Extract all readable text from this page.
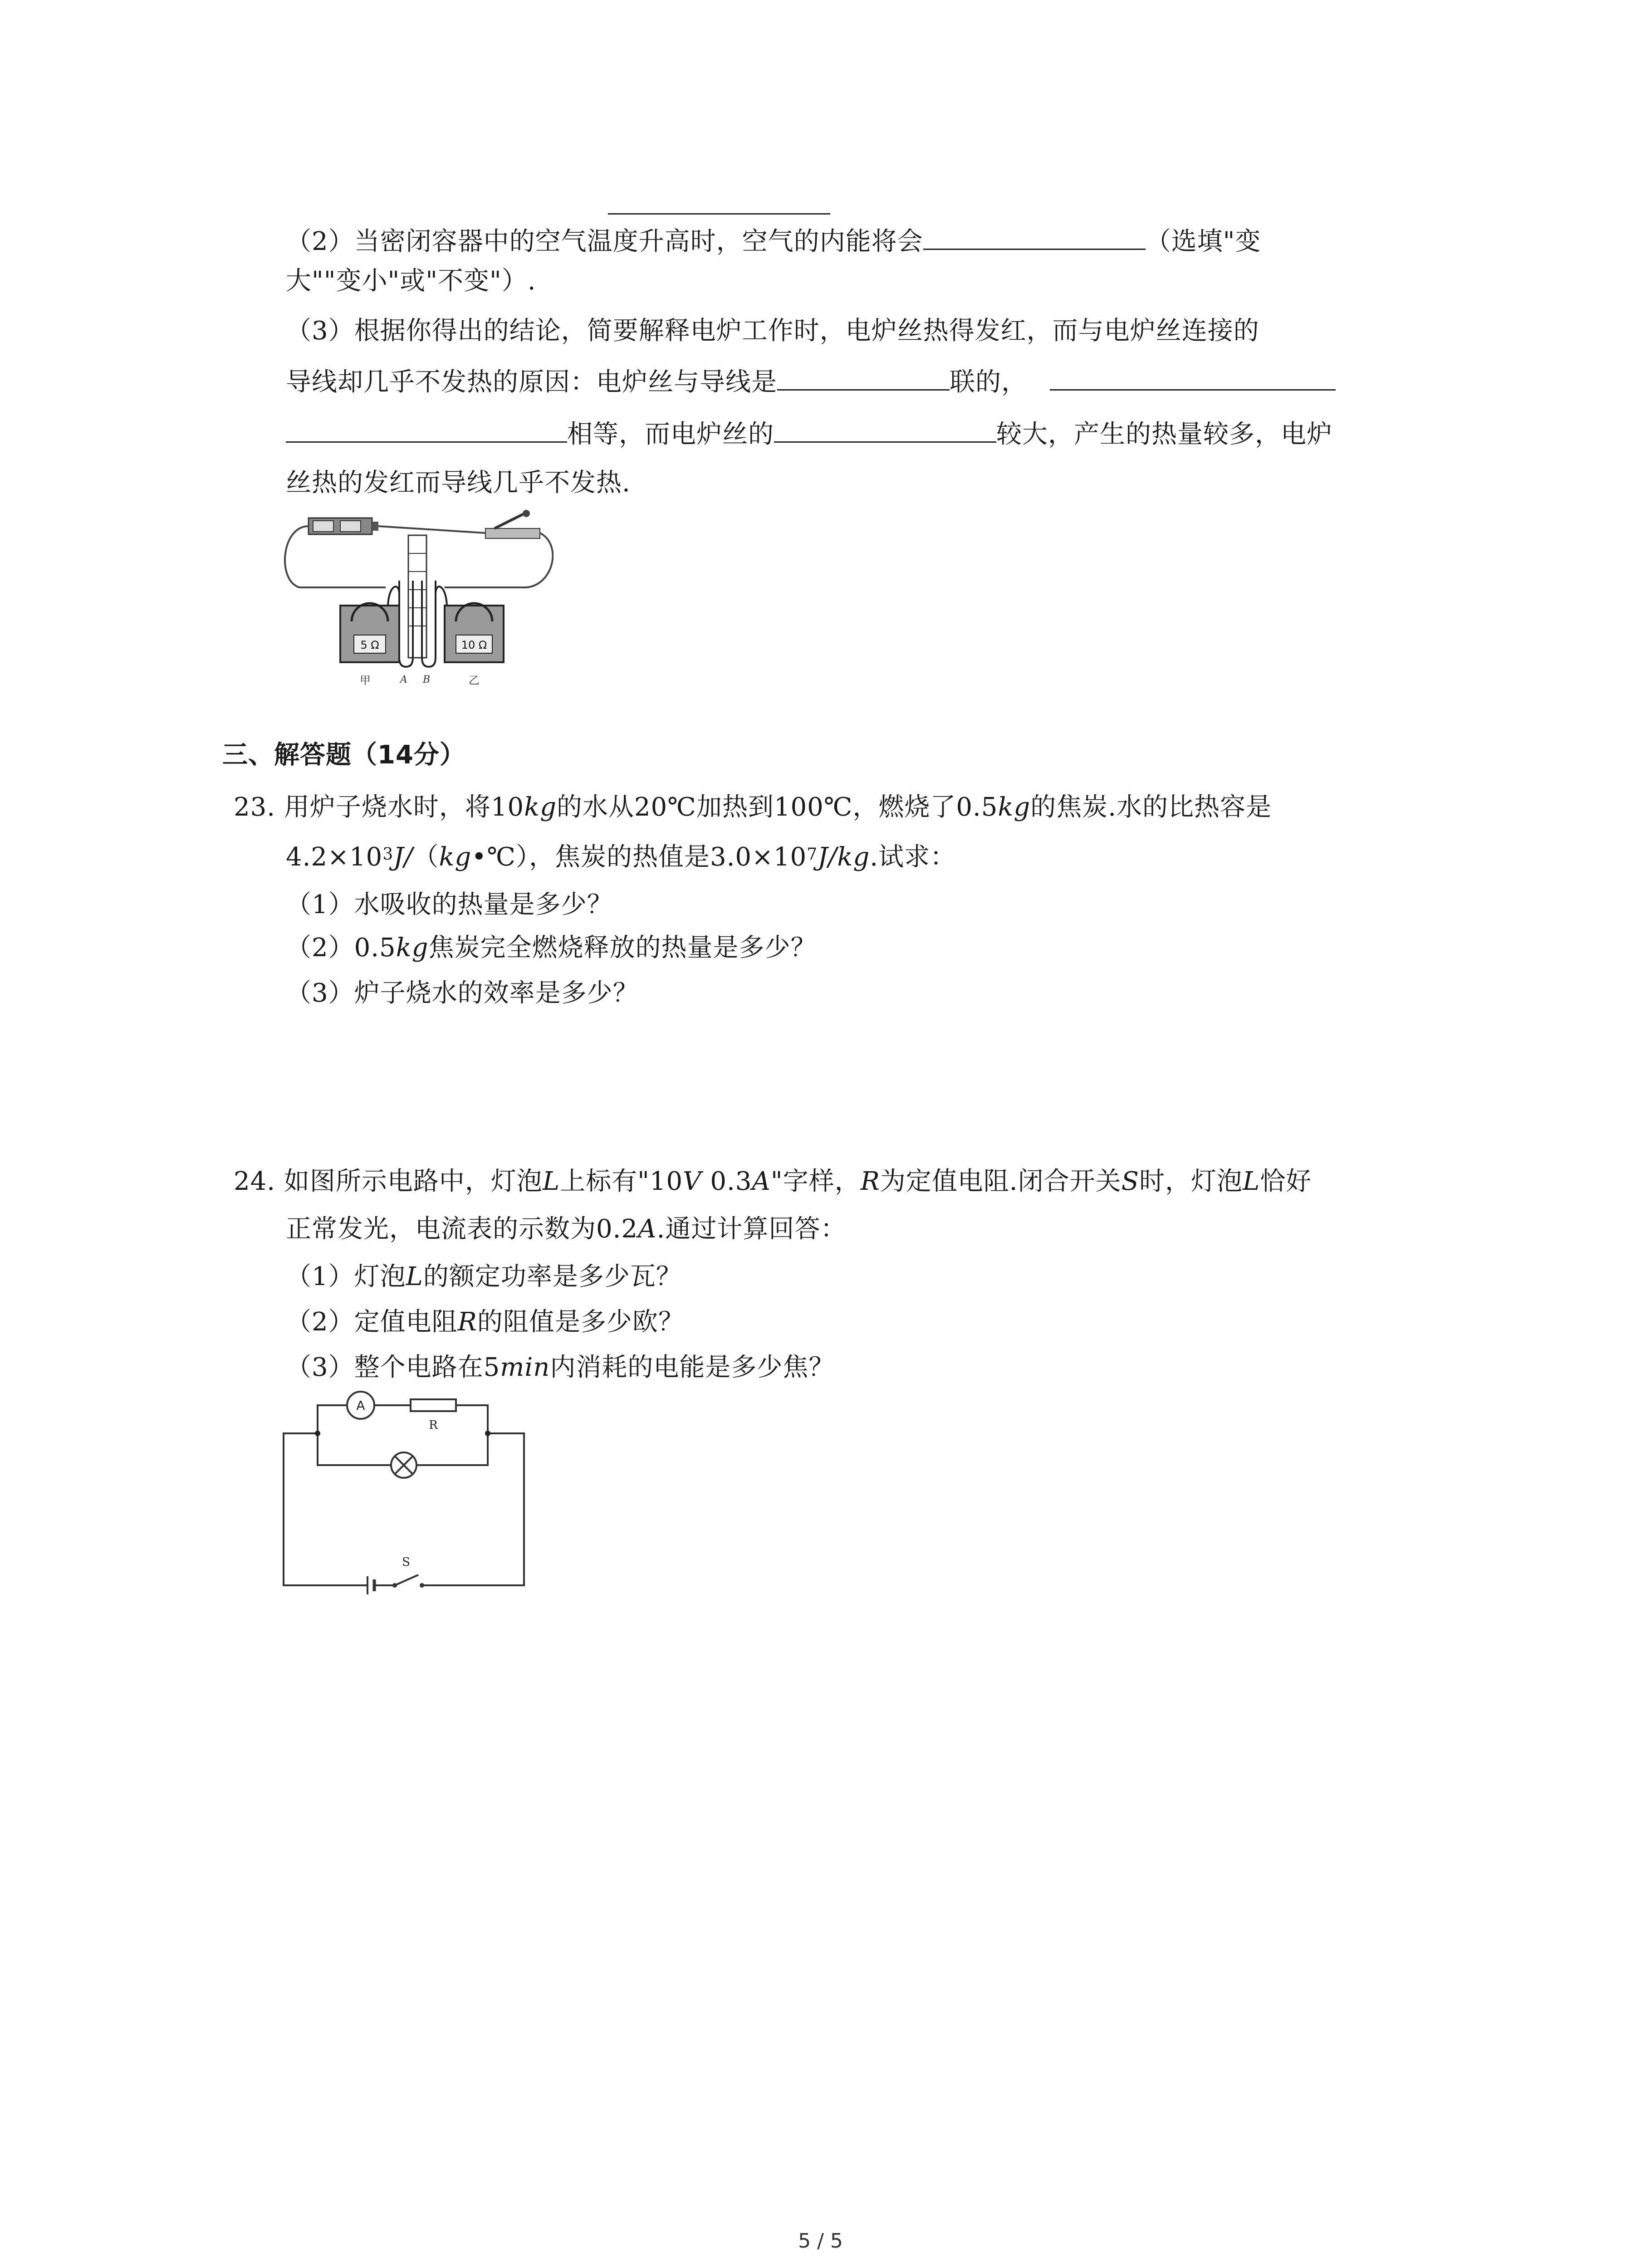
（2）当密闭容器中的空气温度升高时，空气的内能将会	（选填"变
大""变小"或"不变"）.
（3）根据你得出的结论，简要解释电炉工作时，电炉丝热得发红，而与电炉丝连接的
导线却几乎不发热的原因：电炉丝与导线是	联的，
相等，而电炉丝的	较大，产生的热量较多，电炉
丝热的发红而导线几乎不发热.
5 Ω	10 Ω
甲	A B	乙
三、解答题（14分）
23. 用炉子烧水时，将10kg的水从20℃加热到100℃，燃烧了0.5kg的焦炭.水的比热容是
$4.2\times 10^3J/(kg•℃)$，焦炭的热值是$3.0\times 10^7J/kg$.试求：
（1）水吸收的热量是多少？
（2）0.5kg焦炭完全燃烧释放的热量是多少？
（3）炉子烧水的效率是多少？
24. 如图所示电路中，灯泡L上标有"10V 0.3A"字样，R为定值电阻.闭合开关S时，灯泡L恰好
正常发光，电流表的示数为0.2A.通过计算回答：
（1）灯泡L的额定功率是多少瓦？
（2）定值电阻R的阻值是多少欧？
（3）整个电路在5min内消耗的电能是多少焦？
A
R
S
5 / 5
